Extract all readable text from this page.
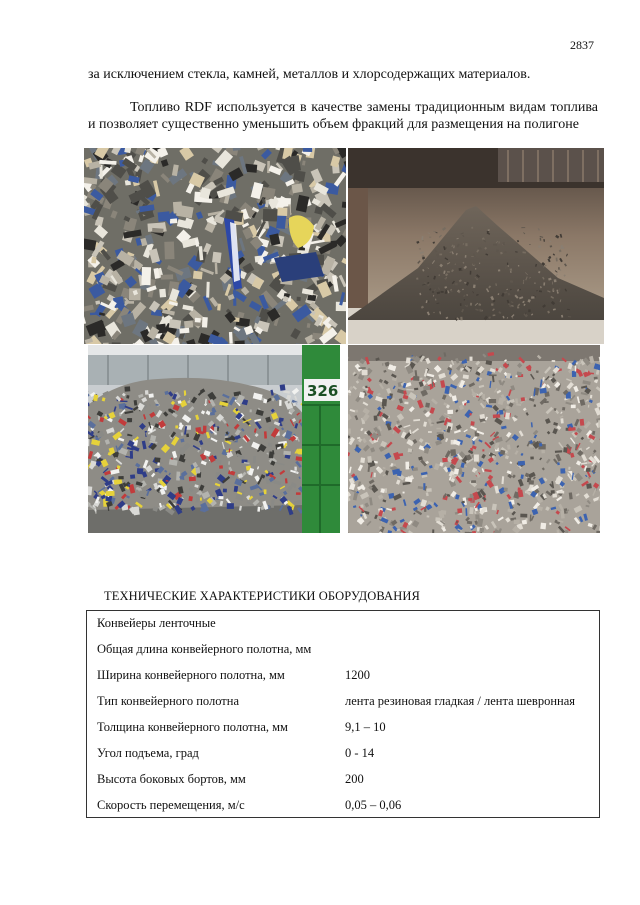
2837
за исключением стекла, камней, металлов и хлорсодержащих материалов.
Топливо RDF используется в качестве замены традиционным видам топлива и позволяет существенно уменьшить объем фракций для размещения на полигоне
326
ТЕХНИЧЕСКИЕ ХАРАКТЕРИСТИКИ ОБОРУДОВАНИЯ
Конвейеры ленточные
Общая длина конвейерного полотна, мм
Ширина конвейерного полотна, мм	1200
Тип конвейерного полотна	лента резиновая гладкая / лента шевронная
Толщина конвейерного полотна, мм	9,1 – 10
Угол подъема, град	0 - 14
Высота боковых бортов, мм	200
Скорость перемещения, м/с	0,05 – 0,06
